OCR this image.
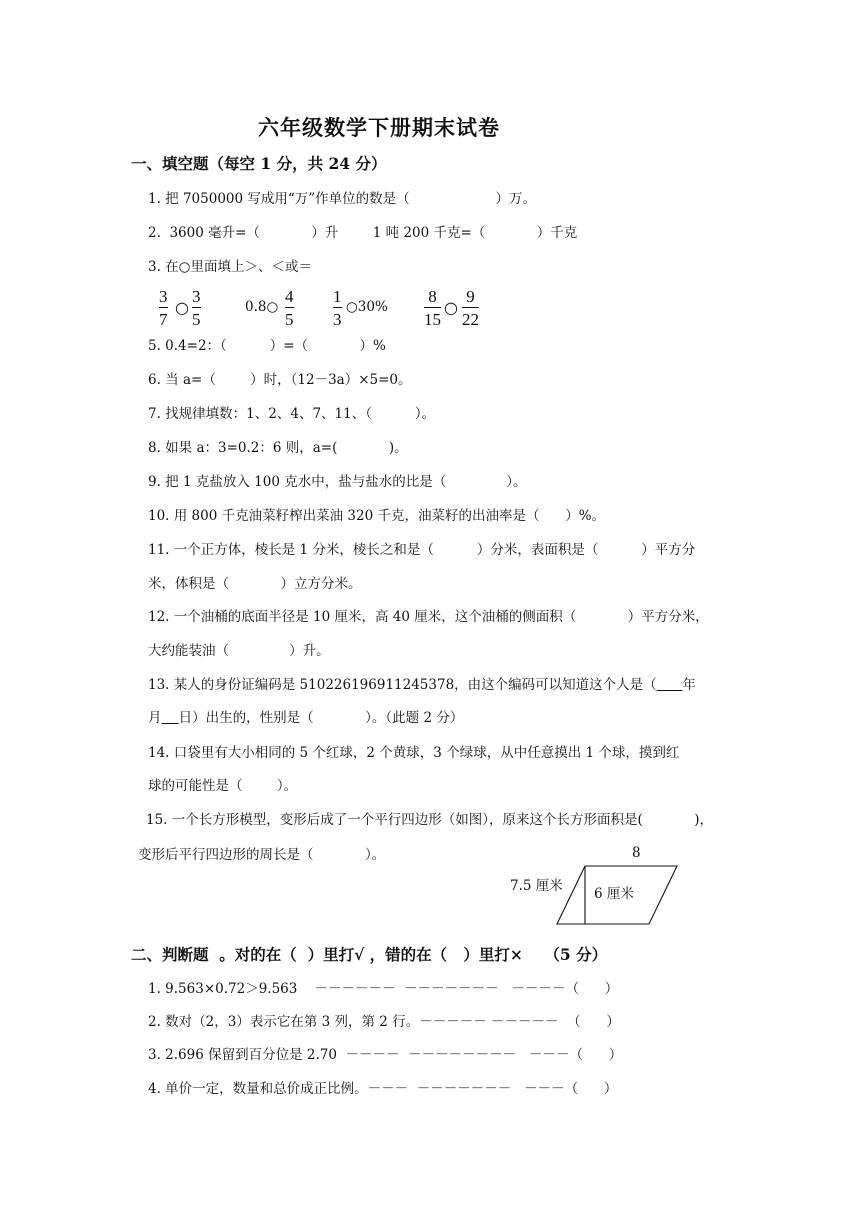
六年级数学下册期末试卷
一、填空题（每空 1 分，共 24 分）
1. 把 7050000 写成用“万”作单位的数是（                    ）万。
2.  3600 毫升=（            ）升        1 吨 200 千克=（            ）千克
3. 在○里面填上＞、＜或＝
3
7
○
3
5
0.8○
4
5
1
3
○30%
8
15
○
9
22
5. 0.4=2：（          ）=（            ）%
6. 当 a=（        ）时，（12－3a）×5=0。
7. 找规律填数：1、2、4、7、11、（          ）。
8. 如果 a：3=0.2：6 则，a=(            )。
9. 把 1 克盐放入 100 克水中，盐与盐水的比是（              ）。
10. 用 800 千克油菜籽榨出菜油 320 千克，油菜籽的出油率是（      ）%。
11. 一个正方体，棱长是 1 分米，棱长之和是（          ）分米，表面积是（          ）平方分
米，体积是（            ）立方分米。
12. 一个油桶的底面半径是 10 厘米，高 40 厘米，这个油桶的侧面积（            ）平方分米，
大约能装油（              ）升。
13. 某人的身份证编码是 510226196911245378，由这个编码可以知道这个人是（ 年
月 日）出生的，性别是（            ）。（此题 2 分）
14. 口袋里有大小相同的 5 个红球，2 个黄球，3 个绿球，从中任意摸出 1 个球，摸到红
球的可能性是（        ）。
15. 一个长方形模型，变形后成了一个平行四边形（如图），原来这个长方形面积是(            )，
变形后平行四边形的周长是（            ）。	8
7.5 厘米 6 厘米
二、判断题  。对的在（  ）里打√ ，错的在（   ）里打×    （5 分）
1. 9.563×0.72＞9.563    －－－－－－  －－－－－－－   －－－－（      ）
2. 数对（2，3）表示它在第 3 列，第 2 行。－－－－－ －－－－－  （      ）
3. 2.696 保留到百分位是 2.70  －－－－  －－－－－－－－   －－－（      ）
4. 单价一定，数量和总价成正比例。－－－  －－－－－－－   －－－（      ）
